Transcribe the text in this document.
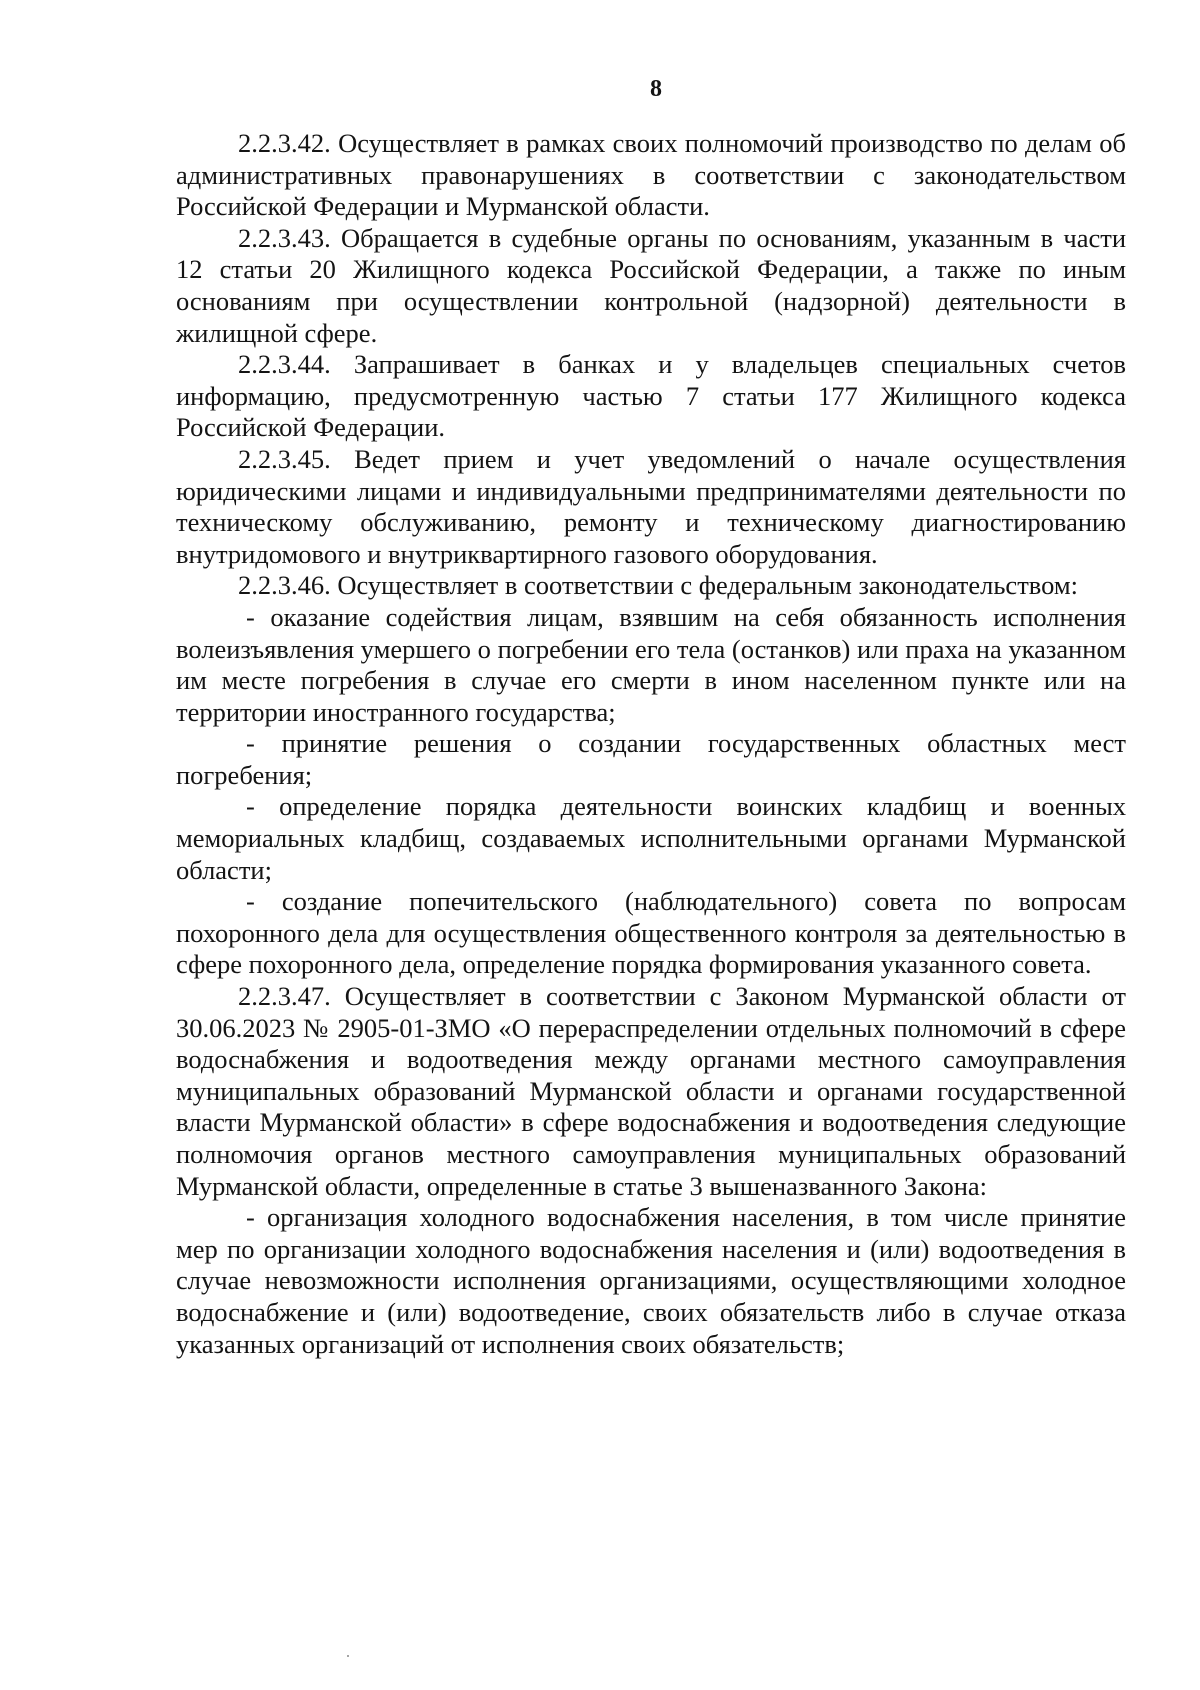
8

2.2.3.42. Осуществляет в рамках своих полномочий производство по делам об административных правонарушениях в соответствии с законодательством Российской Федерации и Мурманской области.

2.2.3.43. Обращается в судебные органы по основаниям, указанным в части 12 статьи 20 Жилищного кодекса Российской Федерации, а также по иным основаниям при осуществлении контрольной (надзорной) деятельности в жилищной сфере.

2.2.3.44. Запрашивает в банках и у владельцев специальных счетов информацию, предусмотренную частью 7 статьи 177 Жилищного кодекса Российской Федерации.

2.2.3.45. Ведет прием и учет уведомлений о начале осуществления юридическими лицами и индивидуальными предпринимателями деятельности по техническому обслуживанию, ремонту и техническому диагностированию внутридомового и внутриквартирного газового оборудования.

2.2.3.46. Осуществляет в соответствии с федеральным законодательством:

- оказание содействия лицам, взявшим на себя обязанность исполнения волеизъявления умершего о погребении его тела (останков) или праха на указанном им месте погребения в случае его смерти в ином населенном пункте или на территории иностранного государства;

- принятие решения о создании государственных областных мест погребения;

- определение порядка деятельности воинских кладбищ и военных мемориальных кладбищ, создаваемых исполнительными органами Мурманской области;

- создание попечительского (наблюдательного) совета по вопросам похоронного дела для осуществления общественного контроля за деятельностью в сфере похоронного дела, определение порядка формирования указанного совета.

2.2.3.47. Осуществляет в соответствии с Законом Мурманской области от 30.06.2023 № 2905-01-ЗМО «О перераспределении отдельных полномочий в сфере водоснабжения и водоотведения между органами местного самоуправления муниципальных образований Мурманской области и органами государственной власти Мурманской области» в сфере водоснабжения и водоотведения следующие полномочия органов местного самоуправления муниципальных образований Мурманской области, определенные в статье 3 вышеназванного Закона:

- организация холодного водоснабжения населения, в том числе принятие мер по организации холодного водоснабжения населения и (или) водоотведения в случае невозможности исполнения организациями, осуществляющими холодное водоснабжение и (или) водоотведение, своих обязательств либо в случае отказа указанных организаций от исполнения своих обязательств;
